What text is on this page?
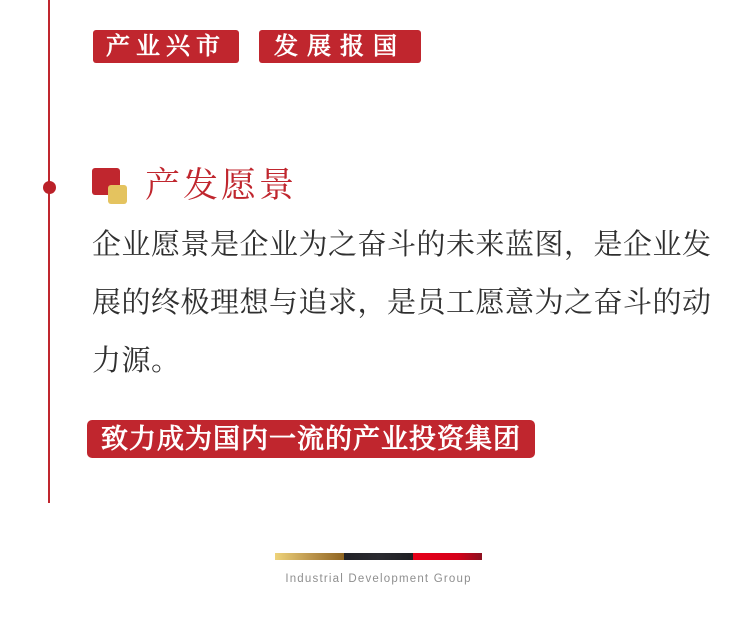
产业兴市	发展报国
产发愿景
企业愿景是企业为之奋斗的未来蓝图，是企业发
展的终极理想与追求，是员工愿意为之奋斗的动
力源。
致力成为国内一流的产业投资集团
Industrial Development Group
